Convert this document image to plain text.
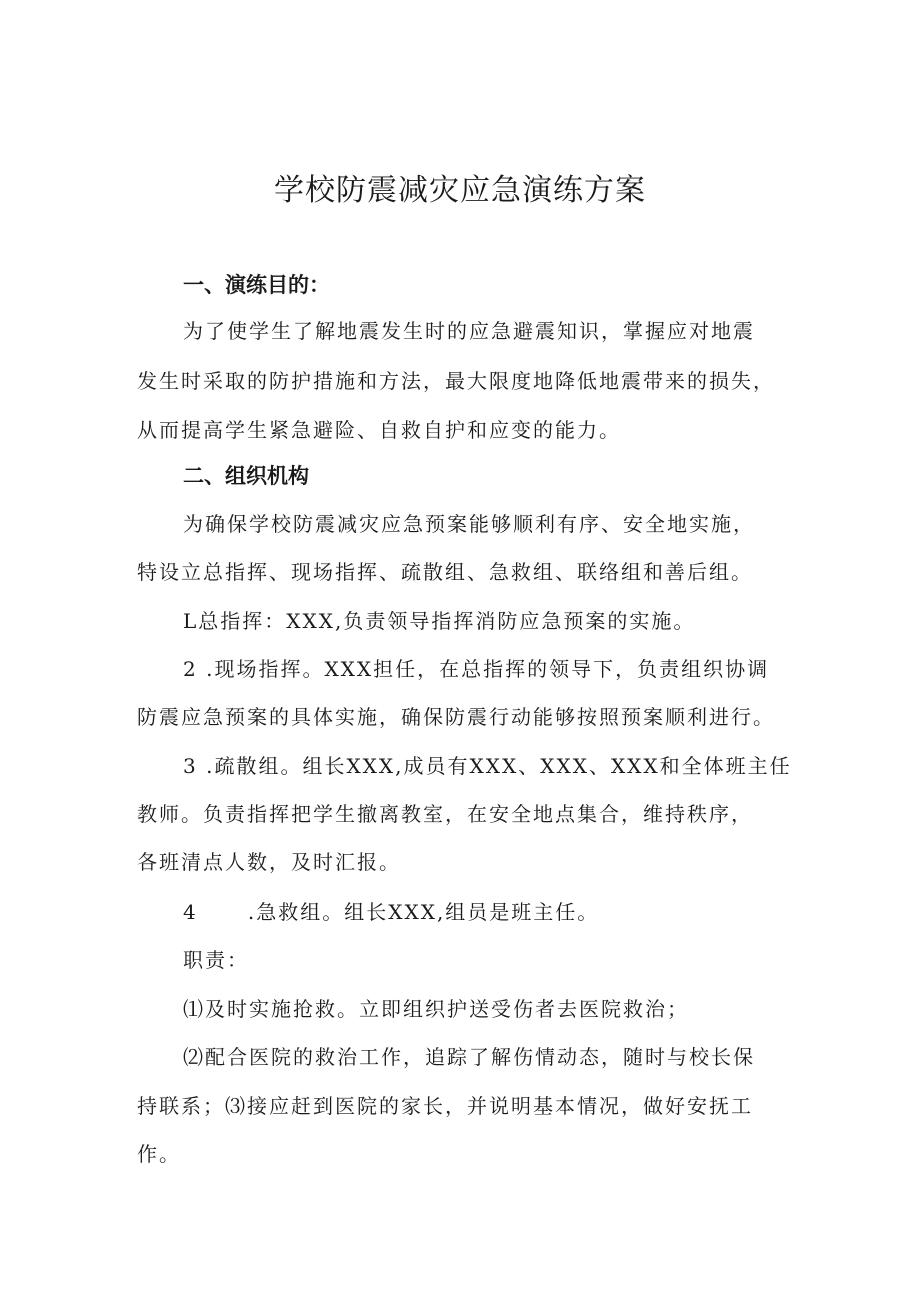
学校防震减灾应急演练方案
一、演练目的：
为了使学生了解地震发生时的应急避震知识，掌握应对地震
发生时采取的防护措施和方法，最大限度地降低地震带来的损失，
从而提高学生紧急避险、自救自护和应变的能力。
二、组织机构
为确保学校防震减灾应急预案能够顺利有序、安全地实施，
特设立总指挥、现场指挥、疏散组、急救组、联络组和善后组。
L总指挥：XXX,负责领导指挥消防应急预案的实施。
2 .现场指挥。XXX担任，在总指挥的领导下，负责组织协调
防震应急预案的具体实施，确保防震行动能够按照预案顺利进行。
3 .疏散组。组长XXX,成员有XXX、XXX、XXX和全体班主任
教师。负责指挥把学生撤离教室，在安全地点集合，维持秩序，
各班清点人数，及时汇报。
4      .急救组。组长XXX,组员是班主任。
职责：
⑴及时实施抢救。立即组织护送受伤者去医院救治；
⑵配合医院的救治工作，追踪了解伤情动态，随时与校长保
持联系；⑶接应赶到医院的家长，并说明基本情况，做好安抚工
作。
